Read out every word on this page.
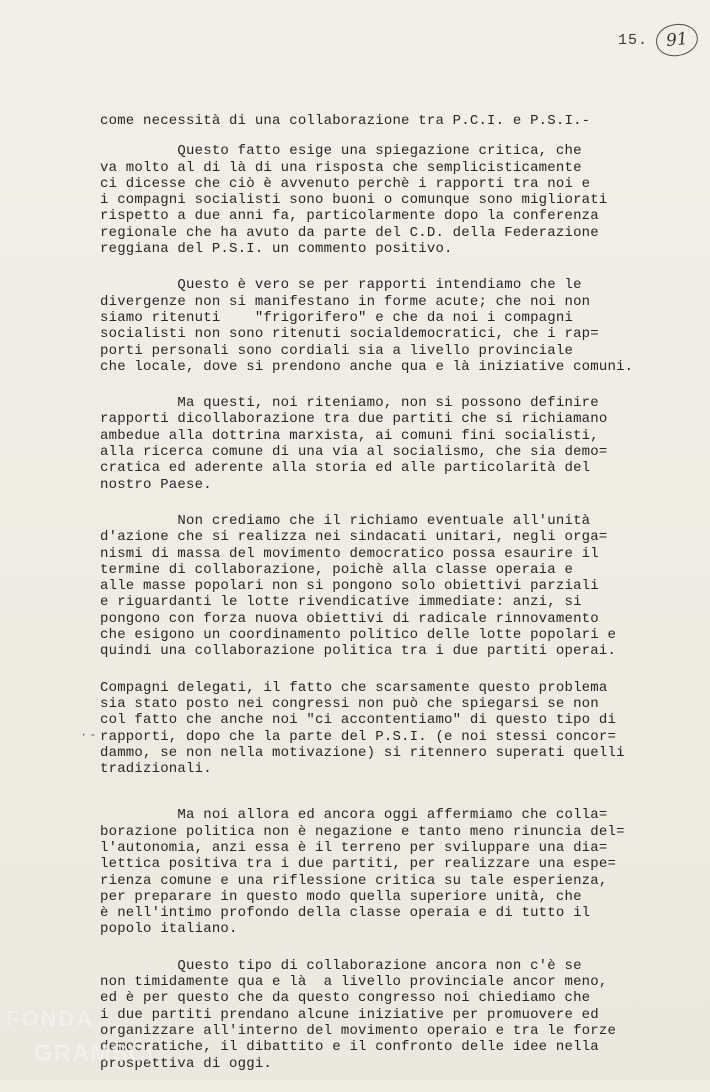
15.	91
·-
come necessità di una collaborazione tra P.C.I. e P.S.I.-
Questo fatto esige una spiegazione critica, che
va molto al di là di una risposta che semplicisticamente
ci dicesse che ciò è avvenuto perchè i rapporti tra noi e
i compagni socialisti sono buoni o comunque sono migliorati
rispetto a due anni fa, particolarmente dopo la conferenza
regionale che ha avuto da parte del C.D. della Federazione
reggiana del P.S.I. un commento positivo.
Questo è vero se per rapporti intendiamo che le
divergenze non si manifestano in forme acute; che noi non
siamo ritenuti    "frigorifero" e che da noi i compagni
socialisti non sono ritenuti socialdemocratici, che i rap=
porti personali sono cordiali sia a livello provinciale
che locale, dove si prendono anche qua e là iniziative comuni.
Ma questi, noi riteniamo, non si possono definire
rapporti dicollaborazione tra due partiti che si richiamano
ambedue alla dottrina marxista, ai comuni fini socialisti,
alla ricerca comune di una via al socialismo, che sia demo=
cratica ed aderente alla storia ed alle particolarità del
nostro Paese.
Non crediamo che il richiamo eventuale all'unità
d'azione che si realizza nei sindacati unitari, negli orga=
nismi di massa del movimento democratico possa esaurire il
termine di collaborazione, poichè alla classe operaia e
alle masse popolari non si pongono solo obiettivi parziali
e riguardanti le lotte rivendicative immediate: anzi, si
pongono con forza nuova obiettivi di radicale rinnovamento
che esigono un coordinamento politico delle lotte popolari e
quindi una collaborazione politica tra i due partiti operai.
Compagni delegati, il fatto che scarsamente questo problema
sia stato posto nei congressi non può che spiegarsi se non
col fatto che anche noi "ci accontentiamo" di questo tipo di
rapporti, dopo che la parte del P.S.I. (e noi stessi concor=
dammo, se non nella motivazione) si ritennero superati quelli
tradizionali.
Ma noi allora ed ancora oggi affermiamo che colla=
borazione politica non è negazione e tanto meno rinuncia del=
l'autonomia, anzi essa è il terreno per sviluppare una dia=
lettica positiva tra i due partiti, per realizzare una espe=
rienza comune e una riflessione critica su tale esperienza,
per preparare in questo modo quella superiore unità, che
è nell'intimo profondo della classe operaia e di tutto il
popolo italiano.
Questo tipo di collaborazione ancora non c'è se
non timidamente qua e là  a livello provinciale ancor meno,
ed è per questo che da questo congresso noi chiediamo che
i due partiti prendano alcune iniziative per promuovere ed
organizzare all'interno del movimento operaio e tra le forze
democratiche, il dibattito e il confronto delle idee nella
prospettiva di oggi.
FONDA
GRAMSCI
